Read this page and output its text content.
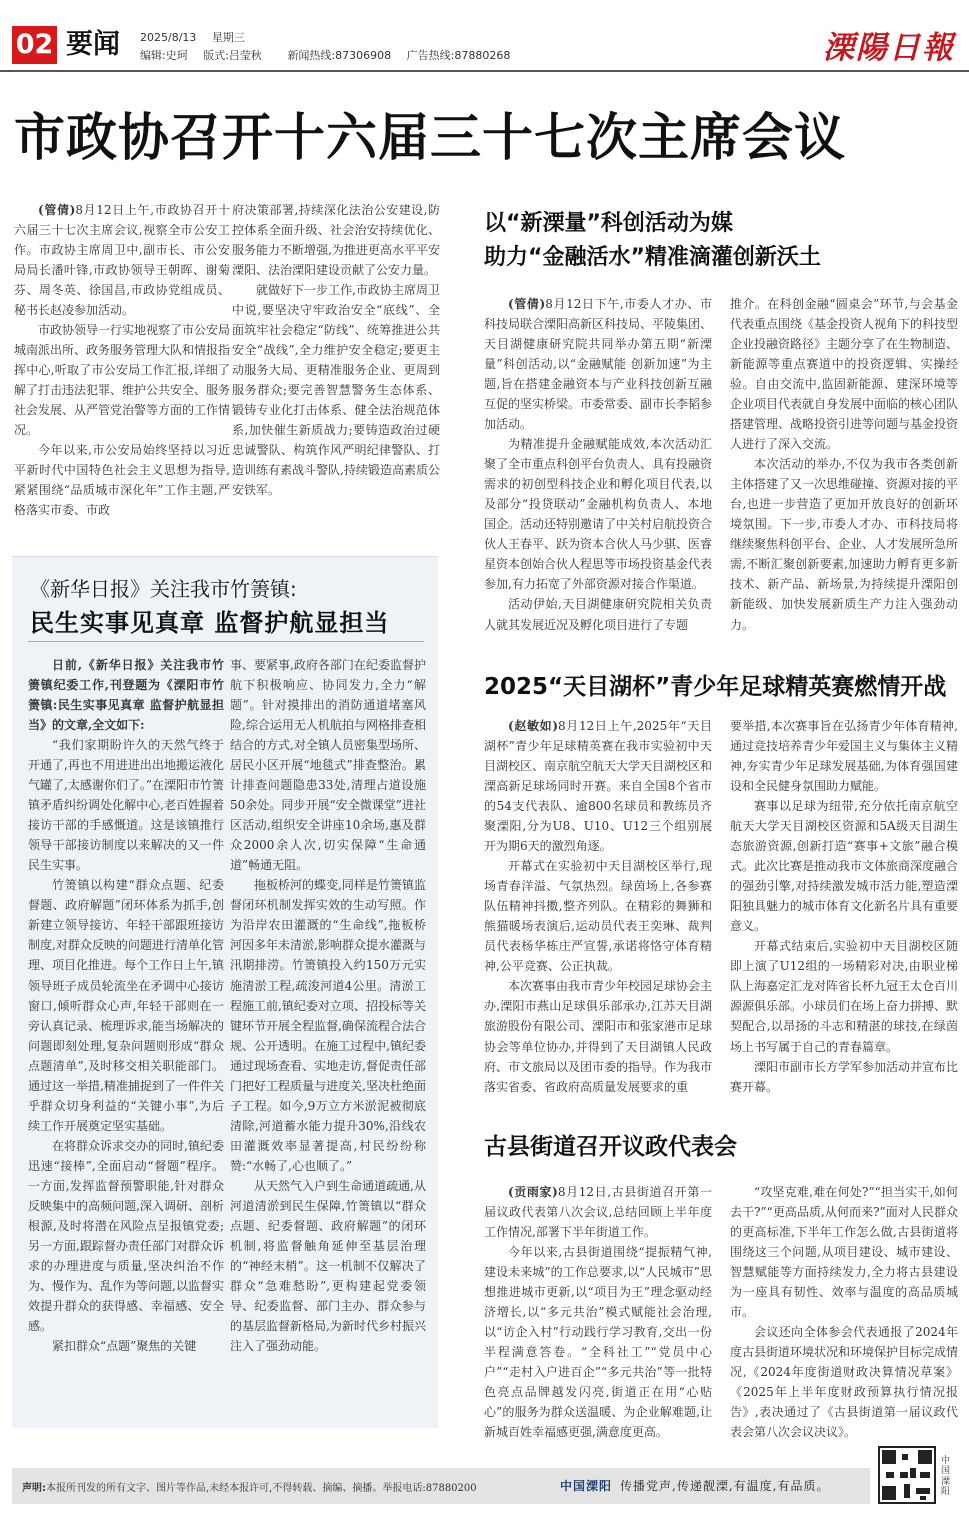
02 要闻 2025/8/13 星期三
编辑:史珂 版式:吕莹秋 新闻热线:87306908 广告热线:87880268	溧陽日報
市政协召开十六届三十七次主席会议

(管倩)8月12日上午,市政协召开十六届三十七次主席会议,视察全市公安工作。市政协主席周卫中,副市长、市公安局局长潘叶锋,市政协领导王朝晖、谢菊芬、周冬英、徐国昌,市政协党组成员、秘书长赵凌参加活动。

市政协领导一行实地视察了市公安局城南派出所、政务服务管理大队和情报指挥中心,听取了市公安局工作汇报,详细了解了打击违法犯罪、维护公共安全、服务社会发展、从严管党治警等方面的工作情况。

今年以来,市公安局始终坚持以习近平新时代中国特色社会主义思想为指导,紧紧围绕“品质城市深化年”工作主题,严格落实市委、市政

府决策部署,持续深化法治公安建设,防控体系全面升级、社会治安持续优化、服务能力不断增强,为推进更高水平平安溧阳、法治溧阳建设贡献了公安力量。

就做好下一步工作,市政协主席周卫中说,要坚决守牢政治安全“底线”、全面筑牢社会稳定“防线”、统筹推进公共安全“战线”,全力维护安全稳定;要更主动服务大局、更精准服务企业、更周到服务群众;要完善智慧警务生态体系、锻铸专业化打击体系、健全法治规范体系,加快催生新质战力;要铸造政治过硬忠诚警队、构筑作风严明纪律警队、打造训练有素战斗警队,持续锻造高素质公安铁军。

《新华日报》关注我市竹箦镇:
民生实事见真章 监督护航显担当

日前,《新华日报》关注我市竹箦镇纪委工作,刊登题为《溧阳市竹箦镇:民生实事见真章 监督护航显担当》的文章,全文如下:

“我们家期盼许久的天然气终于开通了,再也不用进进出出地搬运液化气罐了,太感谢你们了。”在溧阳市竹箦镇矛盾纠纷调处化解中心,老百姓握着接访干部的手感慨道。这是该镇推行领导干部接访制度以来解决的又一件民生实事。

竹箦镇以构建“群众点题、纪委督题、政府解题”闭环体系为抓手,创新建立领导接访、年轻干部跟班接访制度,对群众反映的问题进行清单化管理、项目化推进。每个工作日上午,镇领导班子成员轮流坐在矛调中心接访窗口,倾听群众心声,年轻干部则在一旁认真记录、梳理诉求,能当场解决的问题即刻处理,复杂问题则形成“群众点题清单”,及时移交相关职能部门。通过这一举措,精准捕捉到了一件件关乎群众切身利益的“关键小事”,为后续工作开展奠定坚实基础。

在将群众诉求交办的同时,镇纪委迅速“接棒”,全面启动“督题”程序。一方面,发挥监督预警职能,针对群众反映集中的高频问题,深入调研、剖析根源,及时将潜在风险点呈报镇党委;另一方面,跟踪督办责任部门对群众诉求的办理进度与质量,坚决纠治不作为、慢作为、乱作为等问题,以监督实效提升群众的获得感、幸福感、安全感。

紧扣群众“点题”聚焦的关键

事、要紧事,政府各部门在纪委监督护航下积极响应、协同发力,全力“解题”。针对摸排出的消防通道堵塞风险,综合运用无人机航拍与网格排查相结合的方式,对全镇人员密集型场所、居民小区开展“地毯式”排查整治。累计排查问题隐患33处,清理占道设施50余处。同步开展“安全微课堂”进社区活动,组织安全讲座10余场,惠及群众2000余人次,切实保障“生命通道”畅通无阻。

拖板桥河的蝶变,同样是竹箦镇监督闭环机制发挥实效的生动写照。作为沿岸农田灌溉的“生命线”,拖板桥河因多年未清淤,影响群众提水灌溉与汛期排涝。竹箦镇投入约150万元实施清淤工程,疏浚河道4公里。清淤工程施工前,镇纪委对立项、招投标等关键环节开展全程监督,确保流程合法合规、公开透明。在施工过程中,镇纪委通过现场查看、实地走访,督促责任部门把好工程质量与进度关,坚决杜绝面子工程。如今,9万立方米淤泥被彻底清除,河道蓄水能力提升30%,沿线农田灌溉效率显著提高,村民纷纷称赞:“水畅了,心也顺了。”

从天然气入户到生命通道疏通,从河道清淤到民生保障,竹箦镇以“群众点题、纪委督题、政府解题”的闭环机制,将监督触角延伸至基层治理的“神经末梢”。这一机制不仅解决了群众“急难愁盼”,更构建起党委领导、纪委监督、部门主办、群众参与的基层监督新格局,为新时代乡村振兴注入了强劲动能。

以“新溧量”科创活动为媒
助力“金融活水”精准滴灌创新沃土

(管倩)8月12日下午,市委人才办、市科技局联合溧阳高新区科技局、平陵集团、天目湖健康研究院共同举办第五期“新溧量”科创活动,以“金融赋能 创新加速”为主题,旨在搭建金融资本与产业科技创新互融互促的坚实桥梁。市委常委、副市长李韬参加活动。

为精准提升金融赋能成效,本次活动汇聚了全市重点科创平台负责人、具有投融资需求的初创型科技企业和孵化项目代表,以及部分“投贷联动”金融机构负责人、本地国企。活动还特别邀请了中关村启航投资合伙人王春平、跃为资本合伙人马少骐、医睿星资本创始合伙人程思等市场投资基金代表参加,有力拓宽了外部资源对接合作渠道。

活动伊始,天目湖健康研究院相关负责人就其发展近况及孵化项目进行了专题

推介。在科创金融“圆桌会”环节,与会基金代表重点围绕《基金投资人视角下的科技型企业投融资路径》主题分享了在生物制造、新能源等重点赛道中的投资逻辑、实操经验。自由交流中,监固新能源、建深环境等企业项目代表就自身发展中面临的核心团队搭建管理、战略投资引进等问题与基金投资人进行了深入交流。

本次活动的举办,不仅为我市各类创新主体搭建了又一次思维碰撞、资源对接的平台,也进一步营造了更加开放良好的创新环境氛围。下一步,市委人才办、市科技局将继续聚焦科创平台、企业、人才发展所急所需,不断汇聚创新要素,加速助力孵育更多新技术、新产品、新场景,为持续提升溧阳创新能级、加快发展新质生产力注入强劲动力。

2025“天目湖杯”青少年足球精英赛燃情开战

(赵敏如)8月12日上午,2025年“天目湖杯”青少年足球精英赛在我市实验初中天目湖校区、南京航空航天大学天目湖校区和溧高新足球场同时开赛。来自全国8个省市的54支代表队、逾800名球员和教练员齐聚溧阳,分为U8、U10、U12三个组别展开为期6天的激烈角逐。

开幕式在实验初中天目湖校区举行,现场青春洋溢、气氛热烈。绿茵场上,各参赛队伍精神抖擞,整齐列队。在精彩的舞狮和熊猫暖场表演后,运动员代表王奕琳、裁判员代表杨华栋庄严宣誓,承诺将恪守体育精神,公平竞赛、公正执裁。

本次赛事由我市青少年校园足球协会主办,溧阳市燕山足球俱乐部承办,江苏天目湖旅游股份有限公司、溧阳市和张家港市足球协会等单位协办,并得到了天目湖镇人民政府、市文旅局以及团市委的指导。作为我市落实省委、省政府高质量发展要求的重

要举措,本次赛事旨在弘扬青少年体育精神,通过竞技培养青少年爱国主义与集体主义精神,夯实青少年足球发展基础,为体育强国建设和全民健身氛围助力赋能。

赛事以足球为纽带,充分依托南京航空航天大学天目湖校区资源和5A级天目湖生态旅游资源,创新打造“赛事+文旅”融合模式。此次比赛是推动我市文体旅商深度融合的强劲引擎,对持续激发城市活力能,塑造溧阳独具魅力的城市体育文化新名片具有重要意义。

开幕式结束后,实验初中天目湖校区随即上演了U12组的一场精彩对决,由职业梯队上海嘉定汇龙对阵省长杯九冠王太仓百川源源俱乐部。小球员们在场上奋力拼搏、默契配合,以昂扬的斗志和精湛的球技,在绿茵场上书写属于自己的青春篇章。

溧阳市副市长方学军参加活动并宣布比赛开幕。

古县街道召开议政代表会

(贡雨家)8月12日,古县街道召开第一届议政代表第八次会议,总结回顾上半年度工作情况,部署下半年街道工作。

今年以来,古县街道围绕“提振精气神,建设未来城”的工作总要求,以“人民城市”思想推进城市更新,以“项目为王”理念驱动经济增长,以“多元共治”模式赋能社会治理,以“访企入村”行动践行学习教育,交出一份半程满意答卷。“全科社工”“党员中心户”“走村入户进百企”“多元共治”等一批特色亮点品牌越发闪亮,街道正在用“心贴心”的服务为群众送温暖、为企业解难题,让新城百姓幸福感更强,满意度更高。

“攻坚克难,难在何处?”“担当实干,如何去干?”“更高品质,从何而来?”面对人民群众的更高标准,下半年工作怎么做,古县街道将围绕这三个问题,从项目建设、城市建设、智慧赋能等方面持续发力,全力将古县建设为一座具有韧性、效率与温度的高品质城市。

会议还向全体参会代表通报了2024年度古县街道环境状况和环境保护目标完成情况,《2024年度街道财政决算情况草案》《2025年上半年度财政预算执行情况报告》,表决通过了《古县街道第一届议政代表会第八次会议决议》。

声明:本报所刊发的所有文字、图片等作品,未经本报许可,不得转载、摘编、摘播。举报电话:87880200	中国溧阳 传播党声,传递靓溧,有温度,有品质。
中国溧阳
